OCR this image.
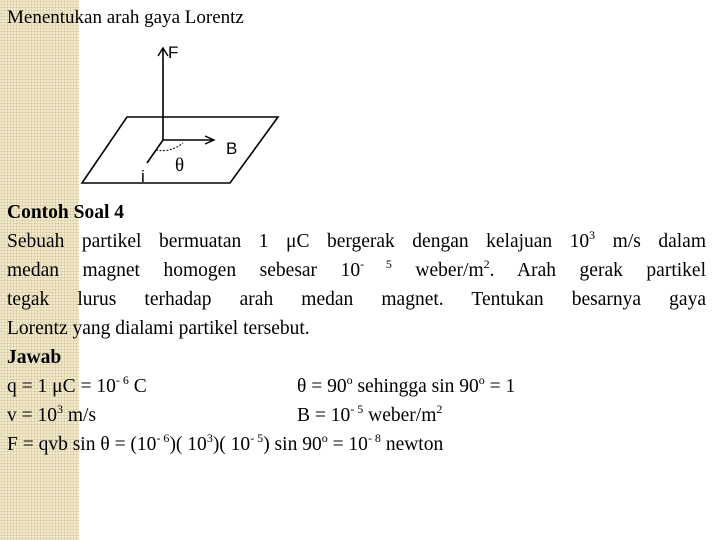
Menentukan arah gaya Lorentz
F
B
i
θ
Contoh Soal 4
Sebuah partikel bermuatan 1 μC bergerak dengan kelajuan $10^3$ m/s dalam
medan magnet homogen sebesar $10^{- 5}$ weber/$m^2$. Arah gerak partikel
tegak lurus terhadap arah medan magnet. Tentukan besarnya gaya
Lorentz yang dialami partikel tersebut.
Jawab
q = 1 $\mu C = 10^{- 6}$ C	$\theta = 90^o$ sehingga $\sin 90^o = 1$
$v = 10^3$ m/s	$B = 10^{- 5}$ weber/$m^2$
F = qvb $\sin \theta = (10^{- 6})$( $10^3$)( $10^{- 5}$) $\sin 90^o = 10^{- 8}$ newton
